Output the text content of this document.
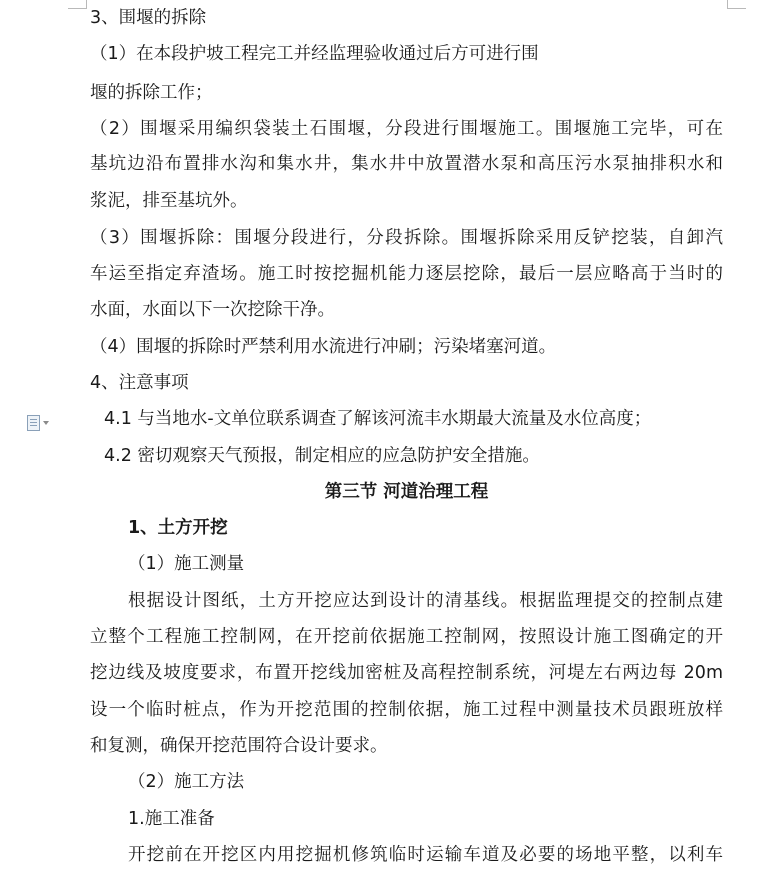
3、围堰的拆除
（1）在本段护坡工程完工并经监理验收通过后方可进行围
堰的拆除工作；
（2）围堰采用编织袋装土石围堰，分段进行围堰施工。围堰施工完毕，可在
基坑边沿布置排水沟和集水井，集水井中放置潜水泵和高压污水泵抽排积水和
浆泥，排至基坑外。
（3）围堰拆除：围堰分段进行，分段拆除。围堰拆除采用反铲挖装，自卸汽
车运至指定弃渣场。施工时按挖掘机能力逐层挖除，最后一层应略高于当时的
水面，水面以下一次挖除干净。
（4）围堰的拆除时严禁利用水流进行冲刷；污染堵塞河道。
4、注意事项
4.1 与当地水-文单位联系调查了解该河流丰水期最大流量及水位高度；
4.2 密切观察天气预报，制定相应的应急防护安全措施。
第三节 河道治理工程
1、土方开挖
（1）施工测量
根据设计图纸，土方开挖应达到设计的清基线。根据监理提交的控制点建
立整个工程施工控制网，在开挖前依据施工控制网，按照设计施工图确定的开
挖边线及坡度要求，布置开挖线加密桩及高程控制系统，河堤左右两边每 20m
设一个临时桩点，作为开挖范围的控制依据，施工过程中测量技术员跟班放样
和复测，确保开挖范围符合设计要求。
（2）施工方法
1.施工准备
开挖前在开挖区内用挖掘机修筑临时运输车道及必要的场地平整，以利车
